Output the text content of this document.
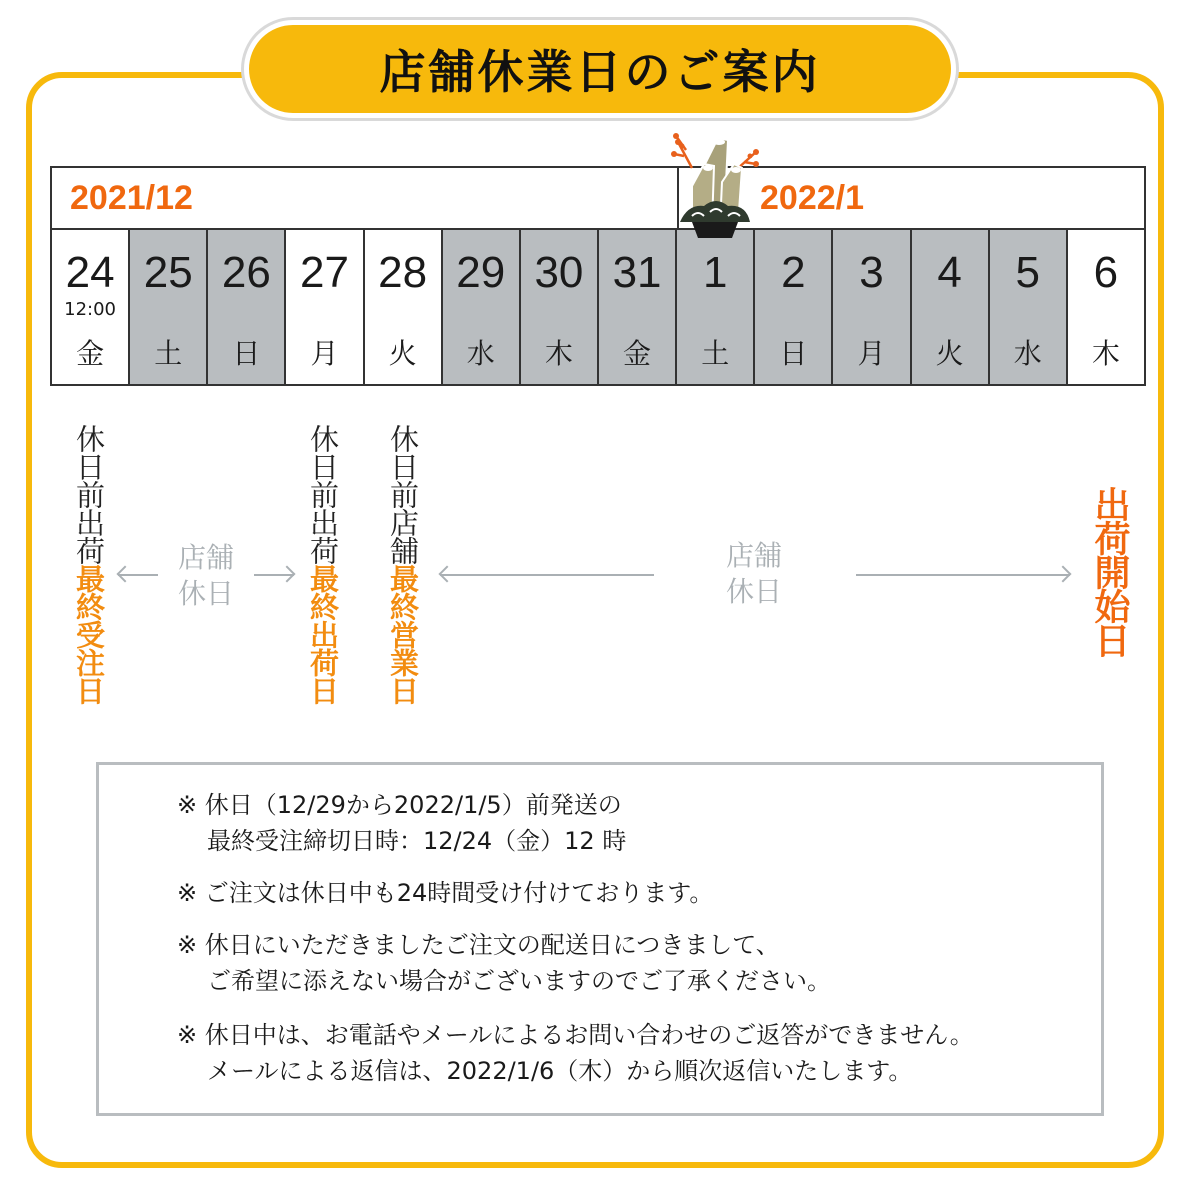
店舗休業日のご案内
2021/12	2022/1
24
12:00
金
25
土
26
日
27
月
28
火
29
水
30
木
31
金
1
土
2
日
3
月
4
火
5
水
6
木
休日前出荷最終受注日
休日前出荷最終出荷日
休日前店舗最終営業日	出荷開始日
店舗
休日
店舗
休日
※ 休日（12/29から2022/1/5）前発送の
最終受注締切日時：12/24（金）12 時
※ ご注文は休日中も24時間受け付けております。
※ 休日にいただきましたご注文の配送日につきまして、
ご希望に添えない場合がございますのでご了承ください。
※ 休日中は、お電話やメールによるお問い合わせのご返答ができません。
メールによる返信は、2022/1/6（木）から順次返信いたします。
